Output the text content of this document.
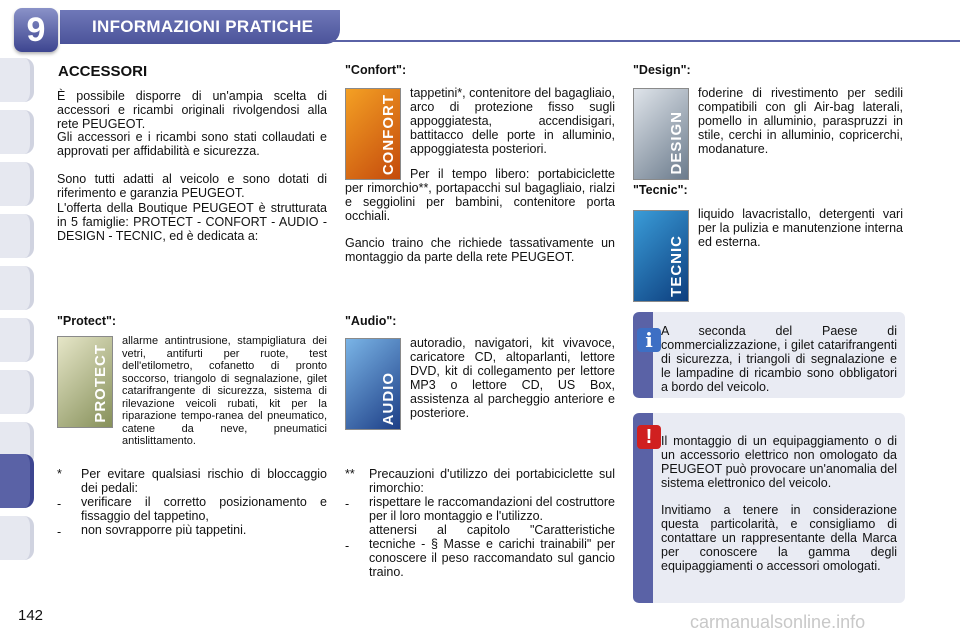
9	INFORMAZIONI PRATICHE
ACCESSORI

È possibile disporre di un'ampia scelta di accessori e ricambi originali rivolgendosi alla rete PEUGEOT.

Gli accessori e i ricambi sono stati collaudati e approvati per affidabilità e sicurezza.

Sono tutti adatti al veicolo e sono dotati di riferimento e garanzia PEUGEOT.

L'offerta della Boutique PEUGEOT è strutturata in 5 famiglie: PROTECT - CONFORT - AUDIO - DESIGN - TECNIC, ed è dedicata a:

"Protect":
PROTECT

allarme antintrusione, stampigliatura dei vetri, antifurti per ruote, test dell'etilometro, cofanetto di pronto soccorso, triangolo di segnalazione, gilet catarifrangente di sicurezza, sistema di rilevazione veicoli rubati, kit per la riparazione tempo-ranea del pneumatico, catene da neve, pneumatici antislittamento.

* Per evitare qualsiasi rischio di bloccaggio dei pedali:
- verificare il corretto posizionamento e fissaggio del tappetino,
- non sovrapporre più tappetini.
"Confort":
CONFORT

tappetini*, contenitore del bagagliaio, arco di protezione fisso sugli appoggiatesta, accendisigari, battitacco delle porte in alluminio, appoggiatesta posteriori.

Per il tempo libero: portabiciclette per rimorchio**, portapacchi sul bagagliaio, rialzi e seggiolini per bambini, contenitore porta occhiali.

Gancio traino che richiede tassativamente un montaggio da parte della rete PEUGEOT.

"Audio":
AUDIO

autoradio, navigatori, kit vivavoce, caricatore CD, altoparlanti, lettore DVD, kit di collegamento per lettore MP3 o lettore CD, US Box, assistenza al parcheggio anteriore e posteriore.

** Precauzioni d'utilizzo dei portabiciclette sul rimorchio:
- rispettare le raccomandazioni del costruttore per il loro montaggio e l'utilizzo.
-
attenersi al capitolo "Caratteristiche tecniche - § Masse e carichi trainabili" per conoscere il peso raccomandato sul gancio traino.
"Design":
DESIGN

foderine di rivestimento per sedili compatibili con gli Air-bag laterali, pomello in alluminio, paraspruzzi in stile, cerchi in alluminio, copricerchi, modanature.

"Tecnic":
TECNIC

liquido lavacristallo, detergenti vari per la pulizia e manutenzione interna ed esterna.

i A seconda del Paese di commercializzazione, i gilet catarifrangenti di sicurezza, i triangoli di segnalazione e le lampadine di ricambio sono obbligatori a bordo del veicolo.

! Il montaggio di un equipaggiamento o di un accessorio elettrico non omologato da PEUGEOT può provocare un'anomalia del sistema elettronico del veicolo.

Invitiamo a tenere in considerazione questa particolarità, e consigliamo di contattare un rappresentante della Marca per conoscere la gamma degli equipaggiamenti o accessori omologati.

142	carmanualsonline.info
